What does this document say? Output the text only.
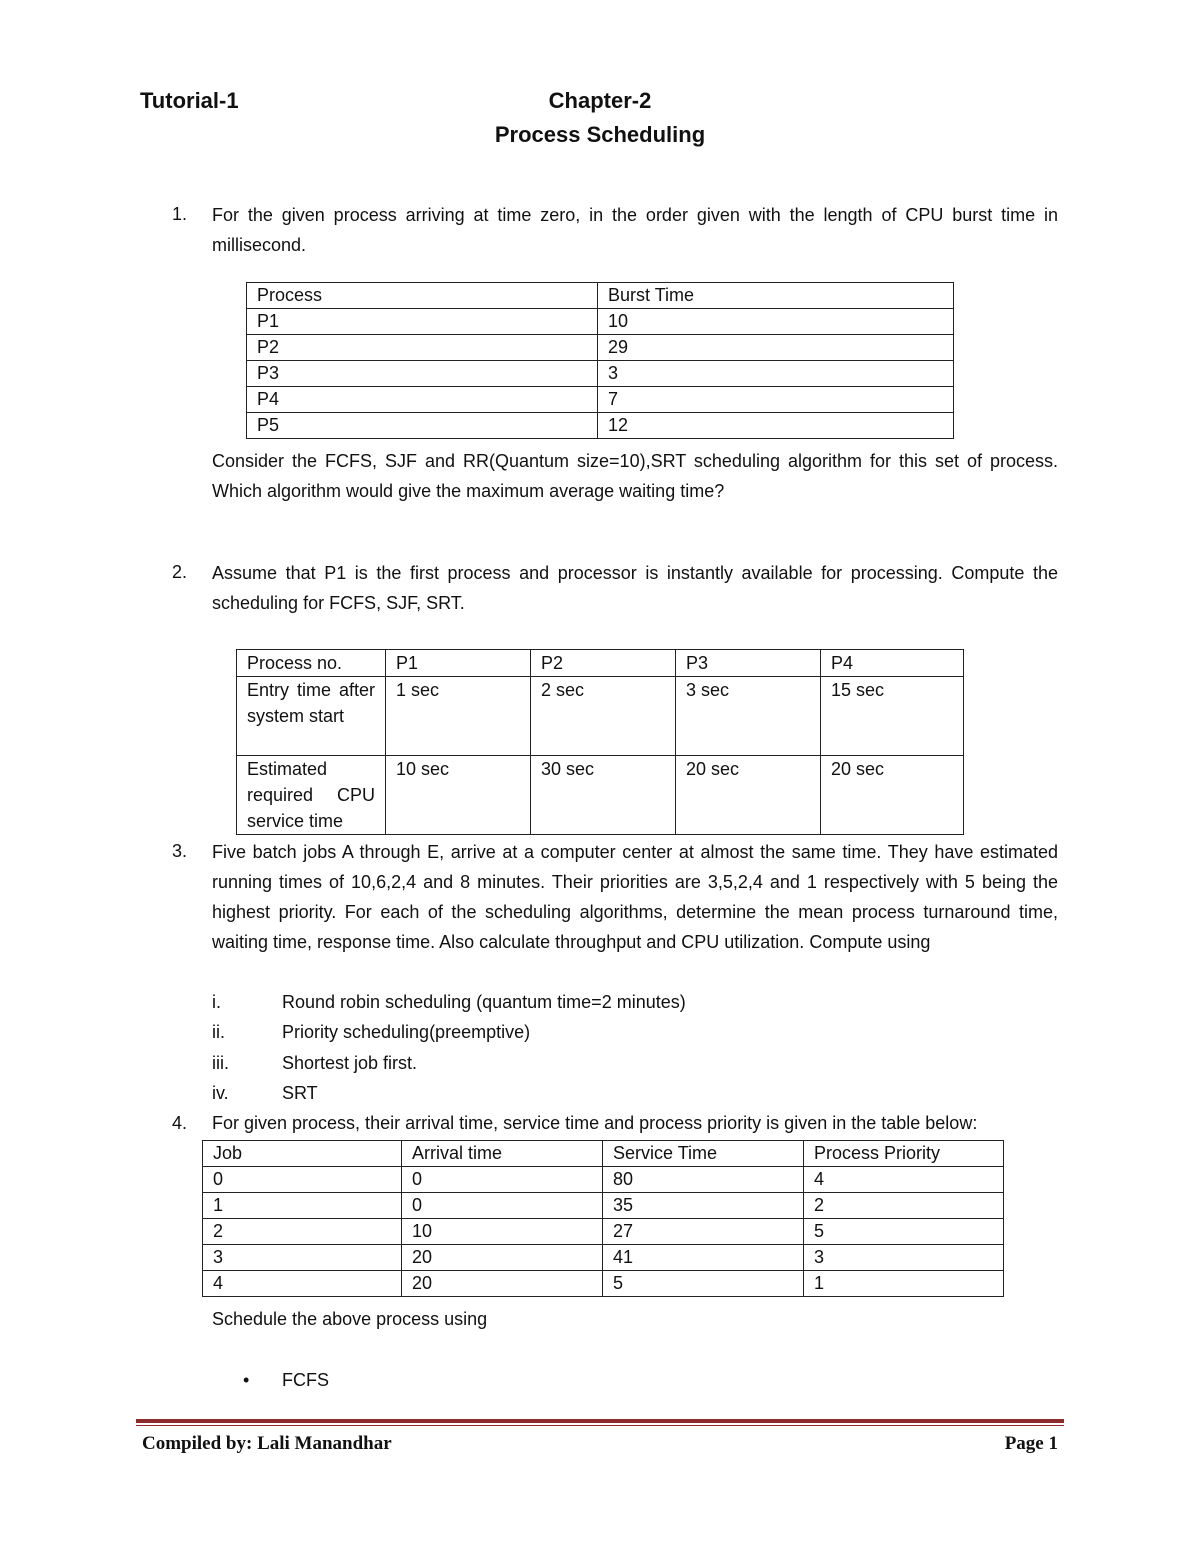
Tutorial-1	Chapter-2
Process Scheduling
1. For the given process arriving at time zero, in the order given with the length of CPU burst time in millisecond.
Process	Burst Time
P1	10
P2	29
P3	3
P4	7
P5	12
Consider the FCFS, SJF and RR(Quantum size=10),SRT scheduling algorithm for this set of process. Which algorithm would give the maximum average waiting time?
2. Assume that P1 is the first process and processor is instantly available for processing. Compute the scheduling for FCFS, SJF, SRT.
Process no.	P1	P2	P3	P4
Entry time after system start	1 sec	2 sec	3 sec	15 sec
Estimated required CPU service time	10 sec	30 sec	20 sec	20 sec
3. Five batch jobs A through E, arrive at a computer center at almost the same time. They have estimated running times of 10,6,2,4 and 8 minutes. Their priorities are 3,5,2,4 and 1 respectively with 5 being the highest priority. For each of the scheduling algorithms, determine the mean process turnaround time, waiting time, response time. Also calculate throughput and CPU utilization. Compute using
i.	Round robin scheduling (quantum time=2 minutes)
ii.	Priority scheduling(preemptive)
iii.	Shortest job first.
iv.	SRT
4. For given process, their arrival time, service time and process priority is given in the table below:
Job	Arrival time	Service Time	Process Priority
0	0	80	4
1	0	35	2
2	10	27	5
3	20	41	3
4	20	5	1
Schedule the above process using
• FCFS
Compiled by: Lali Manandhar	Page 1
